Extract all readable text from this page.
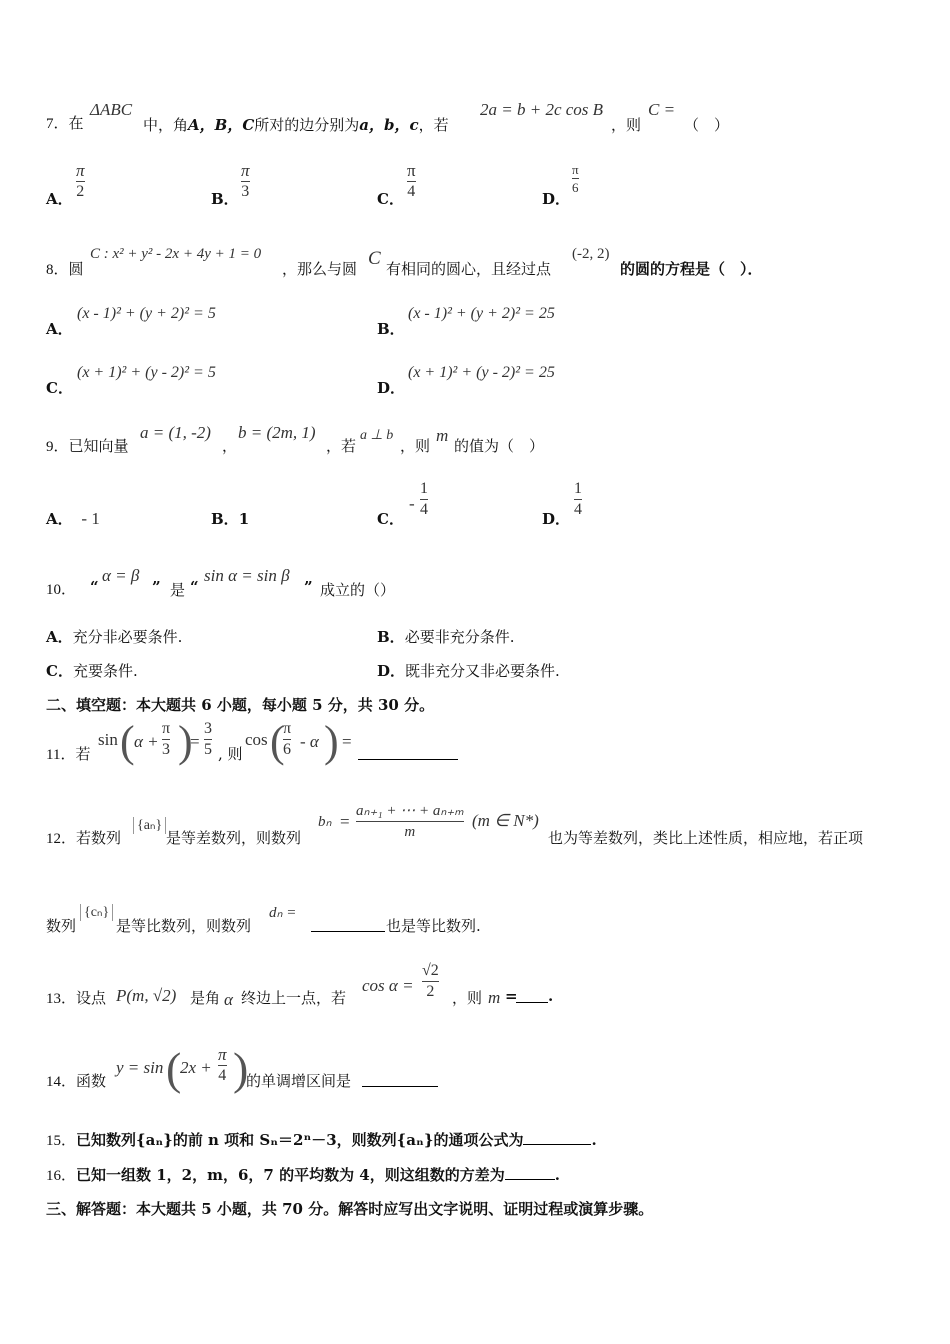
7．在
ΔABC
中，角A，B，C所对的边分别为a，b，c，若
2a = b + 2c cos B
，则
C =
（　）
A．
π
2	B．
π
3	C．
π
4	D．
π
6
8．圆
C : x² + y² - 2x + 4y + 1 = 0
，那么与圆 C 有相同的圆心，且经过点
(-2, 2)
的圆的方程是（　）．
A．
(x - 1)² + (y + 2)² = 5
B．
(x - 1)² + (y + 2)² = 25
C．
(x + 1)² + (y - 2)² = 5
D．
(x + 1)² + (y - 2)² = 25
9．已知向量
a = (1, -2)
，
b = (2m, 1)
，若
a ⊥ b
，则
m
的值为（　）
A． - 1	B．1	C．
-
1
4
D．
1
4
10． “
α = β
” 是 “
sin α = sin β
” 成立的（）
A．充分非必要条件.	B．必要非充分条件.
C．充要条件.	D．既非充分又非必要条件.
二、填空题：本大题共 6 小题，每小题 5 分，共 30 分。
11．若
sin ( α +
π
3 )
=
3
5 , 则
cos (
π
6 - α ) =
12．若数列
{aₙ}
是等差数列，则数列
bₙ =
aₙ₊₁ + ⋯ + aₙ₊ₘ
m
(m ∈ N*)
也为等差数列，类比上述性质，相应地，若正项
数列
{cₙ}
是等比数列，则数列
dₙ =
也是等比数列.
13．设点 P(m, √2) 是角 α 终边上一点，若
cos α =
√2
2 ，则 m = .
14．函数
y = sin (
2x +
π
4 )
的单调增区间是
15．已知数列{aₙ}的前 n 项和 Sₙ＝2ⁿ－3，则数列{aₙ}的通项公式为	.
16．已知一组数 1，2，m，6，7 的平均数为 4，则这组数的方差为	.
三、解答题：本大题共 5 小题，共 70 分。解答时应写出文字说明、证明过程或演算步骤。
